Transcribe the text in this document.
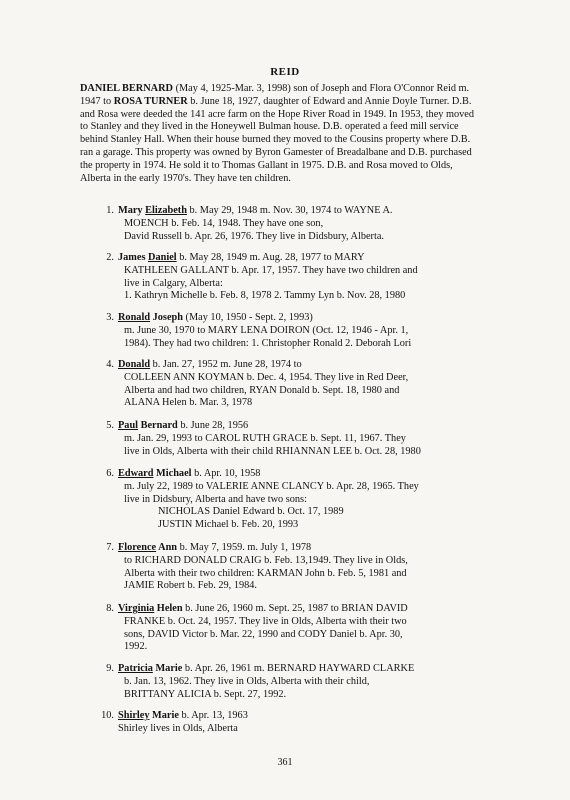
REID

DANIEL BERNARD (May 4, 1925-Mar. 3, 1998) son of Joseph and Flora O'Connor Reid m.

1947 to ROSA TURNER b. June 18, 1927, daughter of Edward and Annie Doyle Turner. D.B.

and Rosa were deeded the 141 acre farm on the Hope River Road in 1949. In 1953, they moved

to Stanley and they lived in the Honeywell Bulman house. D.B. operated a feed mill service

behind Stanley Hall. When their house burned they moved to the Cousins property where D.B.

ran a garage. This property was owned by Byron Gamester of Breadalbane and D.B. purchased

the property in 1974. He sold it to Thomas Gallant in 1975. D.B. and Rosa moved to Olds,

Alberta in the early 1970's. They have ten children.

1. Mary Elizabeth b. May 29, 1948 m. Nov. 30, 1974 to WAYNE A.
MOENCH b. Feb. 14, 1948. They have one son,
David Russell b. Apr. 26, 1976. They live in Didsbury, Alberta.
2. James Daniel b. May 28, 1949 m. Aug. 28, 1977 to MARY
KATHLEEN GALLANT b. Apr. 17, 1957. They have two children and
live in Calgary, Alberta:
1. Kathryn Michelle b. Feb. 8, 1978 2. Tammy Lyn b. Nov. 28, 1980
3. Ronald Joseph (May 10, 1950 - Sept. 2, 1993)
m. June 30, 1970 to MARY LENA DOIRON (Oct. 12, 1946 - Apr. 1,
1984). They had two children: 1. Christopher Ronald 2. Deborah Lori
4. Donald b. Jan. 27, 1952 m. June 28, 1974 to
COLLEEN ANN KOYMAN b. Dec. 4, 1954. They live in Red Deer,
Alberta and had two children, RYAN Donald b. Sept. 18, 1980 and
ALANA Helen b. Mar. 3, 1978
5. Paul Bernard b. June 28, 1956
m. Jan. 29, 1993 to CAROL RUTH GRACE b. Sept. 11, 1967. They
live in Olds, Alberta with their child RHIANNAN LEE b. Oct. 28, 1980
6. Edward Michael b. Apr. 10, 1958
m. July 22, 1989 to VALERIE ANNE CLANCY b. Apr. 28, 1965. They
live in Didsbury, Alberta and have two sons:
NICHOLAS Daniel Edward b. Oct. 17, 1989
JUSTIN Michael b. Feb. 20, 1993
7. Florence Ann b. May 7, 1959. m. July 1, 1978
to RICHARD DONALD CRAIG b. Feb. 13,1949. They live in Olds,
Alberta with their two children: KARMAN John b. Feb. 5, 1981 and
JAMIE Robert b. Feb. 29, 1984.
8. Virginia Helen b. June 26, 1960 m. Sept. 25, 1987 to BRIAN DAVID
FRANKE b. Oct. 24, 1957. They live in Olds, Alberta with their two
sons, DAVID Victor b. Mar. 22, 1990 and CODY Daniel b. Apr. 30,
1992.
9. Patricia Marie b. Apr. 26, 1961 m. BERNARD HAYWARD CLARKE
b. Jan. 13, 1962. They live in Olds, Alberta with their child,
BRITTANY ALICIA b. Sept. 27, 1992.
10. Shirley Marie b. Apr. 13, 1963
Shirley lives in Olds, Alberta
361
